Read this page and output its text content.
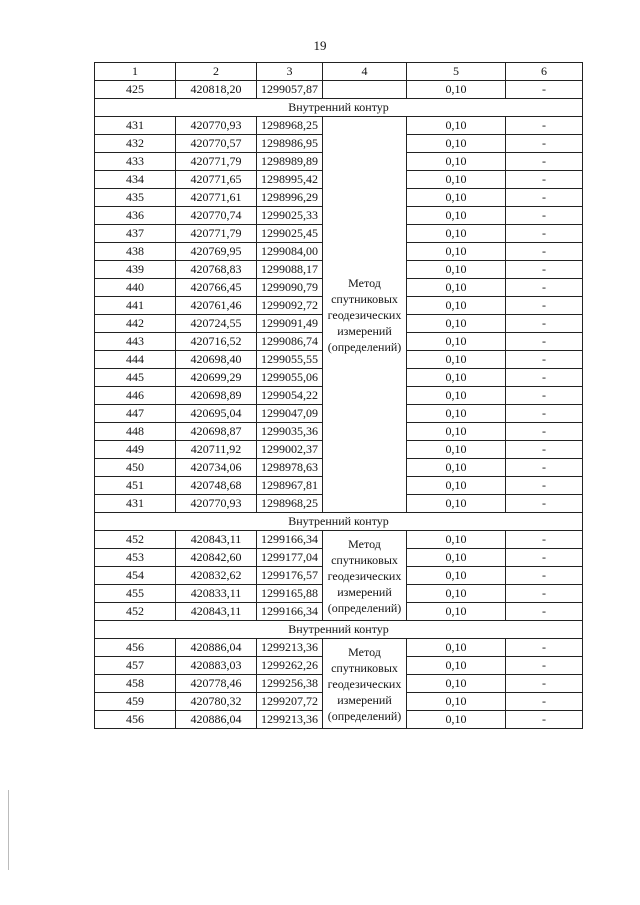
19
1	2	3	4	5	6
425	420818,20	1299057,87		0,10	-
Внутренний контур					
431	420770,93	1298968,25	Метод спутниковых геодезических измерений (определений)	0,10	-
432	420770,57	1298986,95		0,10	-
433	420771,79	1298989,89		0,10	-
434	420771,65	1298995,42		0,10	-
435	420771,61	1298996,29		0,10	-
436	420770,74	1299025,33		0,10	-
437	420771,79	1299025,45		0,10	-
438	420769,95	1299084,00		0,10	-
439	420768,83	1299088,17		0,10	-
440	420766,45	1299090,79		0,10	-
441	420761,46	1299092,72		0,10	-
442	420724,55	1299091,49		0,10	-
443	420716,52	1299086,74		0,10	-
444	420698,40	1299055,55		0,10	-
445	420699,29	1299055,06		0,10	-
446	420698,89	1299054,22		0,10	-
447	420695,04	1299047,09		0,10	-
448	420698,87	1299035,36		0,10	-
449	420711,92	1299002,37		0,10	-
450	420734,06	1298978,63		0,10	-
451	420748,68	1298967,81		0,10	-
431	420770,93	1298968,25		0,10	-
Внутренний контур					
452	420843,11	1299166,34	Метод спутниковых геодезических измерений (определений)	0,10	-
453	420842,60	1299177,04		0,10	-
454	420832,62	1299176,57		0,10	-
455	420833,11	1299165,88		0,10	-
452	420843,11	1299166,34		0,10	-
Внутренний контур					
456	420886,04	1299213,36	Метод спутниковых геодезических измерений (определений)	0,10	-
457	420883,03	1299262,26		0,10	-
458	420778,46	1299256,38		0,10	-
459	420780,32	1299207,72		0,10	-
456	420886,04	1299213,36		0,10	-
